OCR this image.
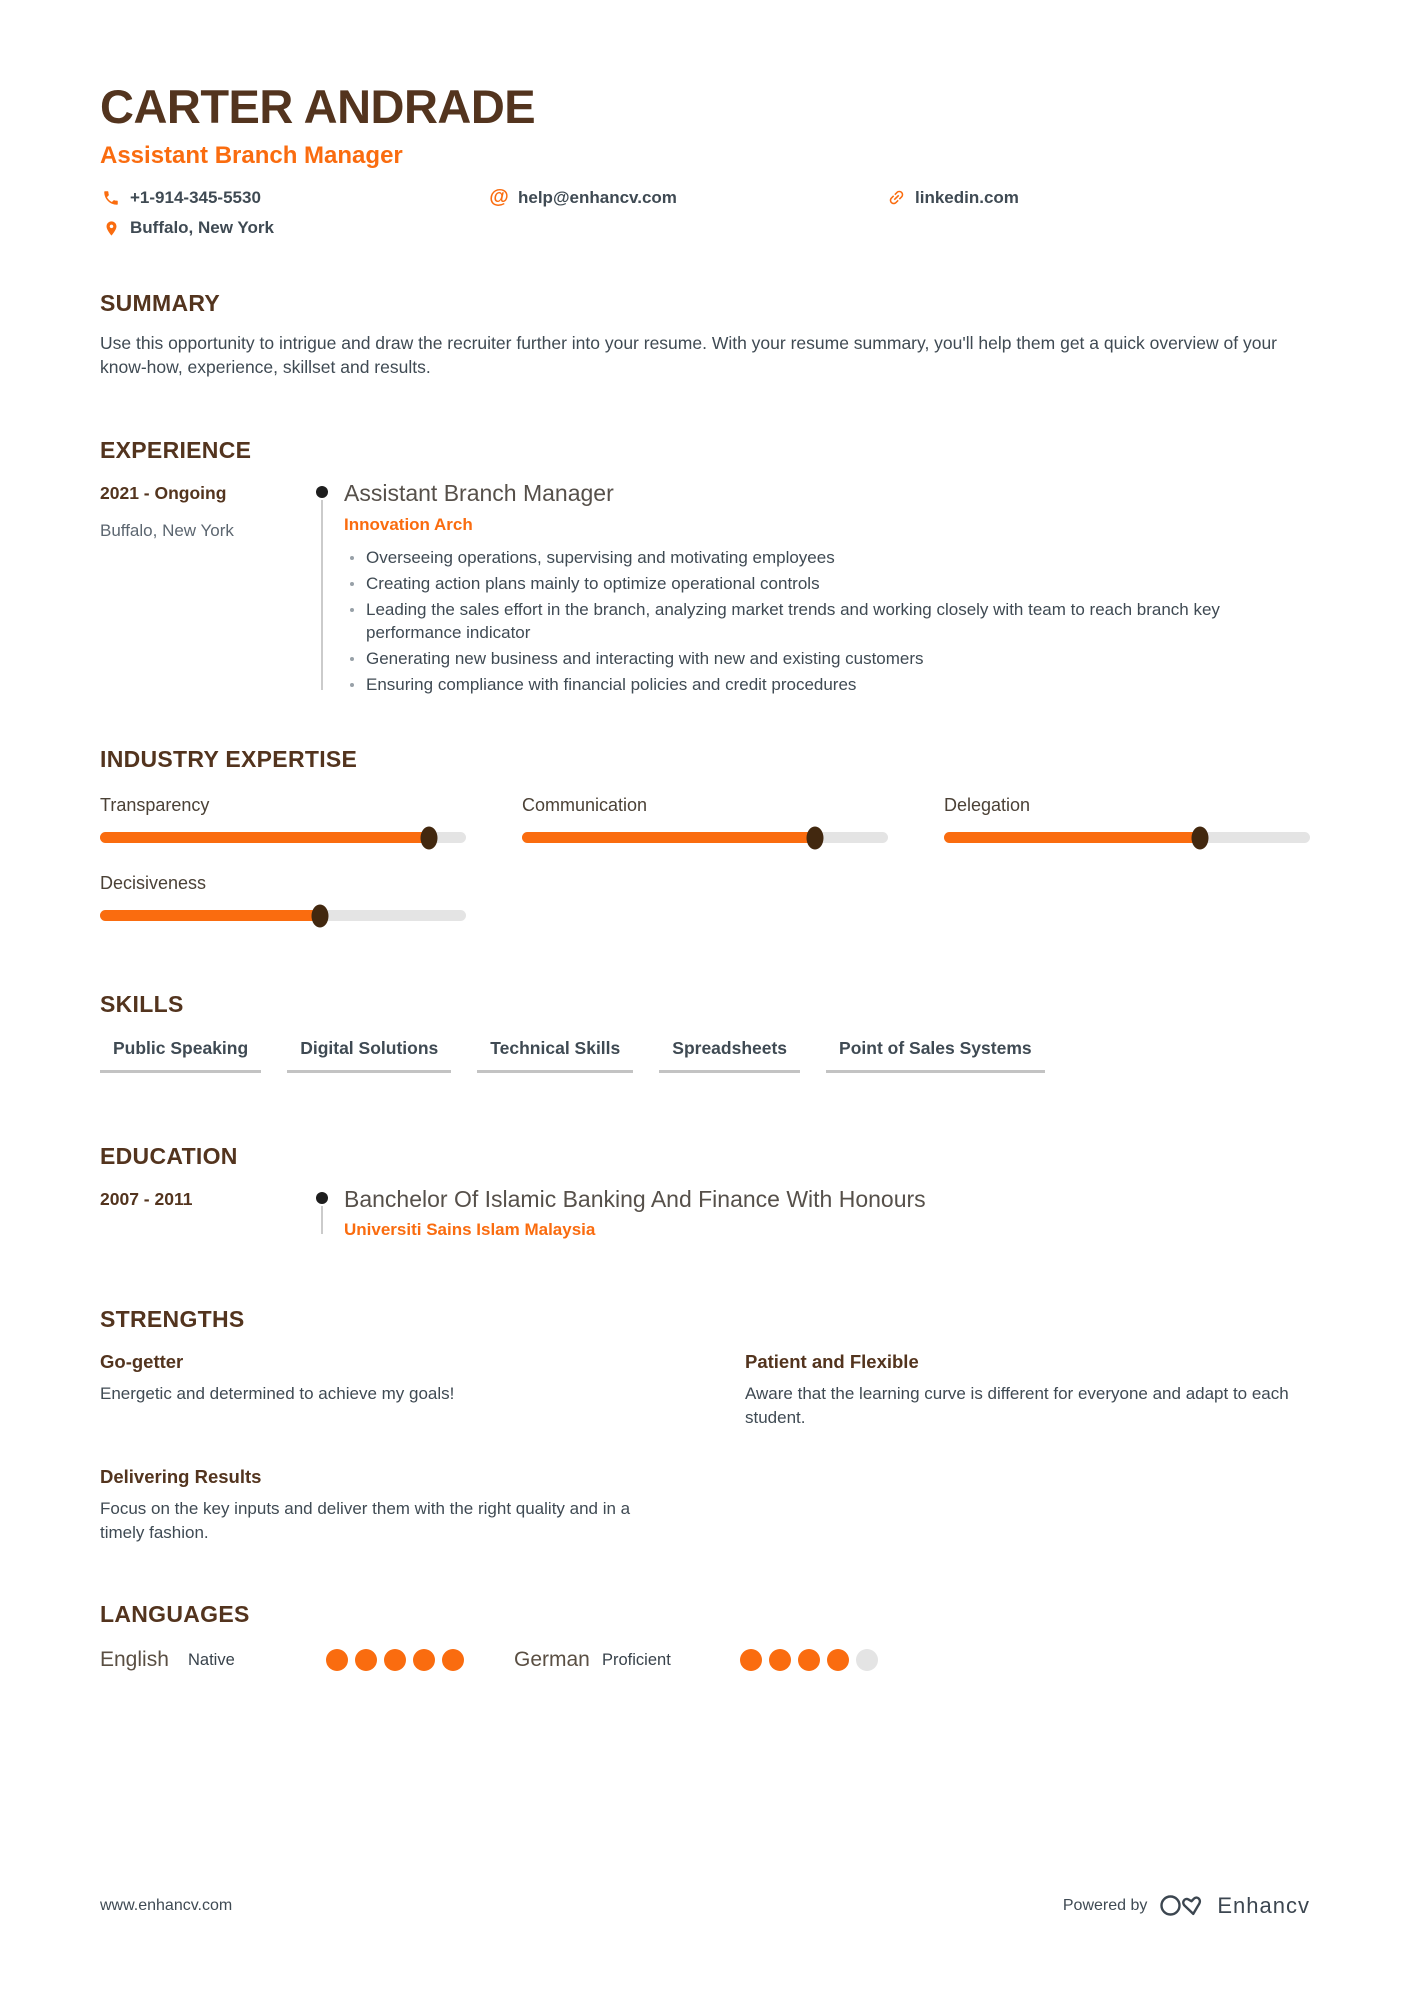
CARTER ANDRADE
Assistant Branch Manager
+1-914-345-5530	@ help@enhancv.com	linkedin.com
Buffalo, New York
SUMMARY
Use this opportunity to intrigue and draw the recruiter further into your resume. With your resume summary, you'll help them get a quick overview of your know-how, experience, skillset and results.
EXPERIENCE
2021 - Ongoing
Buffalo, New York
Assistant Branch Manager
Innovation Arch
Overseeing operations, supervising and motivating employees
Creating action plans mainly to optimize operational controls
Leading the sales effort in the branch, analyzing market trends and working closely with team to reach branch key performance indicator
Generating new business and interacting with new and existing customers
Ensuring compliance with financial policies and credit procedures
INDUSTRY EXPERTISE
Transparency	Communication	Delegation
Decisiveness
SKILLS
Public Speaking	Digital Solutions	Technical Skills	Spreadsheets	Point of Sales Systems
EDUCATION
2007 - 2011	Banchelor Of Islamic Banking And Finance With Honours
Universiti Sains Islam Malaysia
STRENGTHS
Go-getter
Energetic and determined to achieve my goals!
Patient and Flexible
Aware that the learning curve is different for everyone and adapt to each student.
Delivering Results
Focus on the key inputs and deliver them with the right quality and in a timely fashion.
LANGUAGES
English	Native	German Proficient
www.enhancv.com	Powered by	Enhancv
